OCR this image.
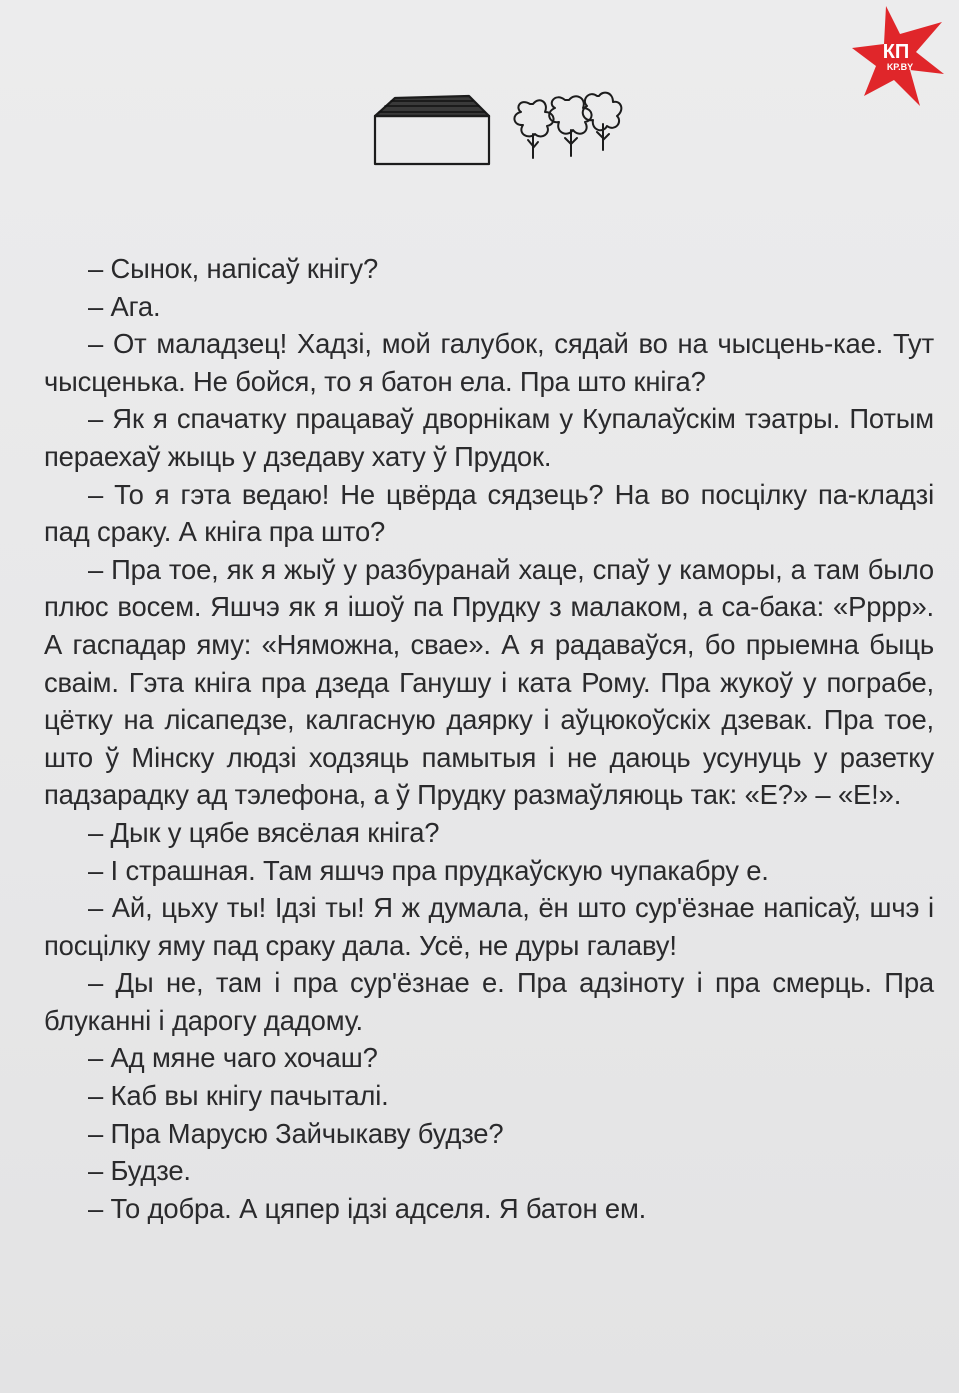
КП
KP.BY

– Сынок, напісаў кнігу?

– Ага.

– От маладзец! Хадзі, мой галубок, сядай во на чысцень-кае. Тут чысценька. Не бойся, то я батон ела. Пра што кніга?

– Як я спачатку працаваў дворнікам у Купалаўскім тэатры. Потым пераехаў жыць у дзедаву хату ў Прудок.

– То я гэта ведаю! Не цвёрда сядзець? На во посцілку па-кладзі пад сраку. А кніга пра што?

– Пра тое, як я жыў у разбуранай хаце, спаў у каморы, а там было плюс восем. Яшчэ як я ішоў па Прудку з малаком, а са-бака: «Рррр». А гаспадар яму: «Няможна, свае». А я радаваўся, бо прыемна быць сваім. Гэта кніга пра дзеда Ганушу і ката Рому. Пра жукоў у пограбе, цётку на лісапедзе, калгасную даярку і аўцюкоўскіх дзевак. Пра тое, што ў Мінску людзі ходзяць памытыя і не даюць усунуць у разетку падзарадку ад тэлефона, а ў Прудку размаўляюць так: «Е?» – «Е!».

– Дык у цябе вясёлая кніга?

– І страшная. Там яшчэ пра прудкаўскую чупакабру е.

– Ай, цьху ты! Ідзі ты! Я ж думала, ён што сур'ёзнае напісаў, шчэ і посцілку яму пад сраку дала. Усё, не дуры галаву!

– Ды не, там і пра сур'ёзнае е. Пра адзіноту і пра смерць. Пра блуканні і дарогу дадому.

– Ад мяне чаго хочаш?

– Каб вы кнігу пачыталі.

– Пра Марусю Зайчыкаву будзе?

– Будзе.

– То добра. А цяпер ідзі адселя. Я батон ем.
